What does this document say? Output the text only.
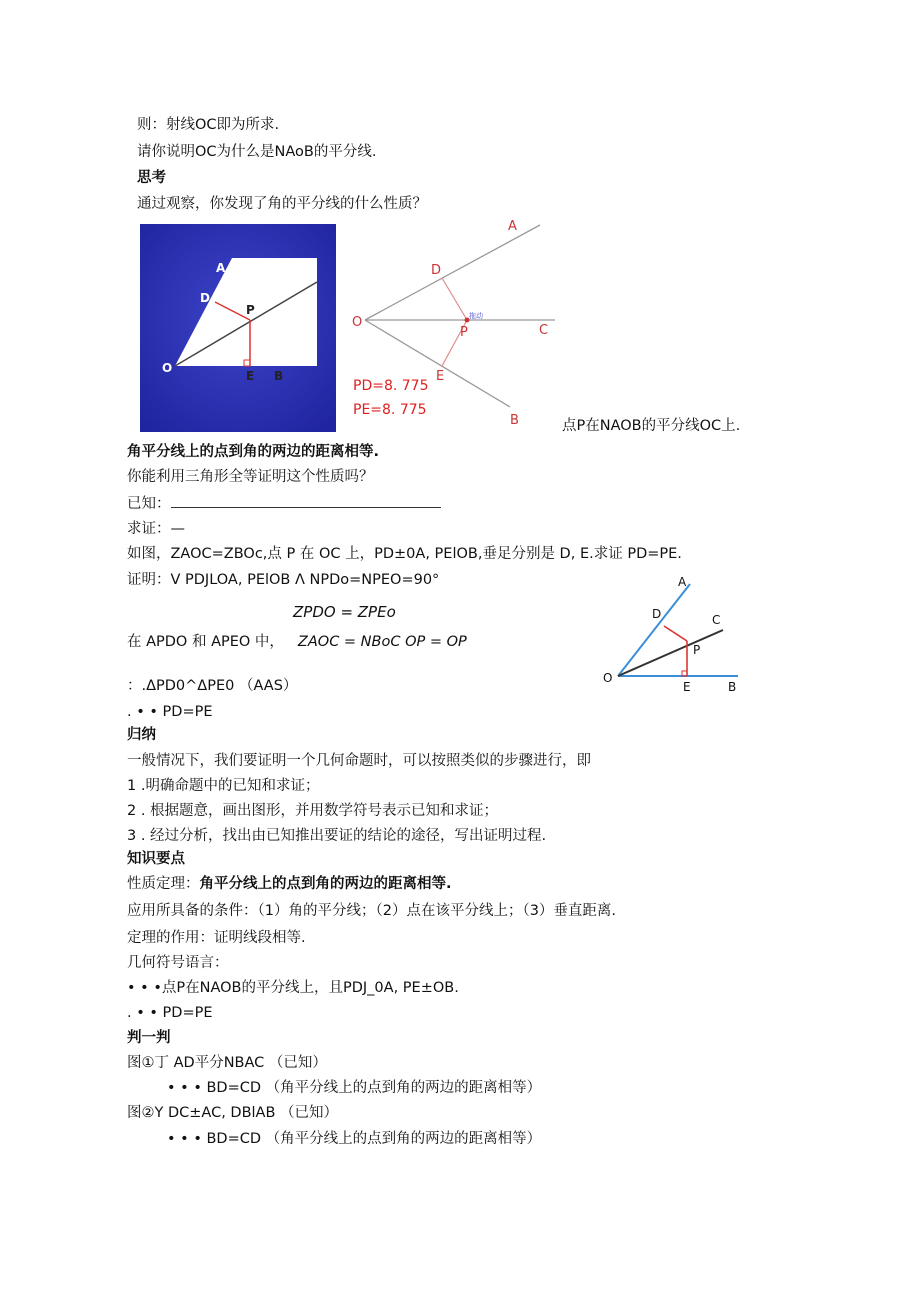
则：射线OC即为所求.
请你说明OC为什么是NAoB的平分线.
思考
通过观察，你发现了角的平分线的什么性质？
A
D
P
O
E B
A
D
O
P
拖动
C
E
B
PD=8. 775
PE=8. 775
点P在NAOB的平分线OC上.
角平分线上的点到角的两边的距离相等.
你能利用三角形全等证明这个性质吗？
已知：
求证：—
如图，ZAOC=ZBOc,点 P 在 OC 上，PD±0A, PElOB,垂足分别是 D, E.求证 PD=PE.
证明：V PDJLOA, PElOB Λ NPDo=NPEO=90°
ZPDO = ZPEo
在 APDO 和 APEO 中， ZAOC = NBoC OP = OP
：.ΔPD0^ΔPE0 （AAS）
. • • PD=PE
A
D	C
P
O
E	B
归纳
一般情况下，我们要证明一个几何命题时，可以按照类似的步骤进行，即
1 .明确命题中的已知和求证；
2 . 根据题意，画出图形，并用数学符号表示已知和求证；
3 . 经过分析，找出由已知推出要证的结论的途径，写出证明过程.
知识要点
性质定理：角平分线上的点到角的两边的距离相等.
应用所具备的条件：（1）角的平分线；（2）点在该平分线上；（3）垂直距离.
定理的作用：证明线段相等.
几何符号语言：
• • •点P在NAOB的平分线上，且PDJ_0A, PE±OB.
. • • PD=PE
判一判
图①丁 AD平分NBAC （已知）
• • • BD=CD （角平分线上的点到角的两边的距离相等）
图②Y DC±AC, DBlAB （已知）
• • • BD=CD （角平分线上的点到角的两边的距离相等）
